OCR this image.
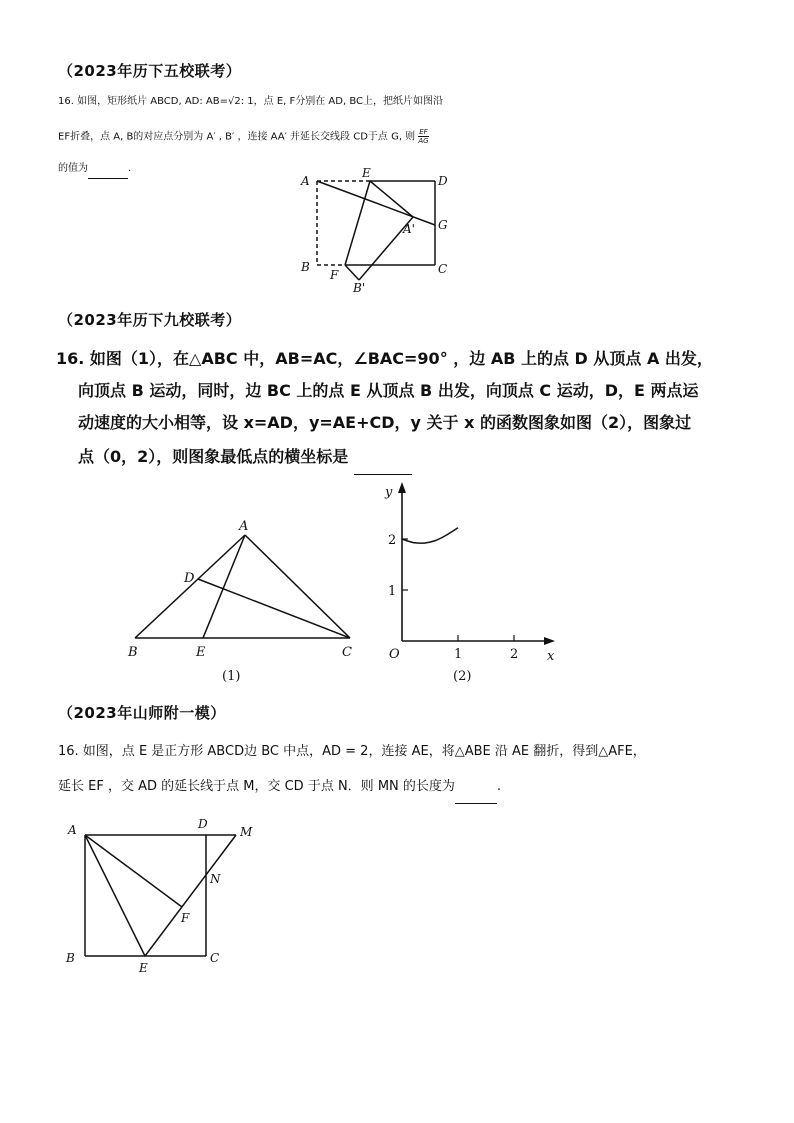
（2023年历下五校联考）
16. 如图，矩形纸片 ABCD, AD: AB=√2: 1，点 E, F分别在 AD, BC上，把纸片如图沿
EF折叠，点 A, B的对应点分别为 A′ , B′ ，连接 AA′ 并延长交线段 CD于点 G, 则 $\frac{EF}{AG}$
的值为	.
A
E
D
G
A'
B
F	C
B'
（2023年历下九校联考）
16. 如图（1），在△ABC 中，AB=AC，∠BAC=90° ，边 AB 上的点 D 从顶点 A 出发，
向顶点 B 运动，同时，边 BC 上的点 E 从顶点 B 出发，向顶点 C 运动，D，E 两点运
动速度的大小相等，设 x=AD，y=AE+CD，y 关于 x 的函数图象如图（2），图象过
点（0，2），则图象最低点的横坐标是
A
D
B	E	C
(1)
y
x
O	1	2
1
2
(2)
（2023年山师附一模）
16. 如图，点 E 是正方形 ABCD边 BC 中点，AD = 2，连接 AE，将△ABE 沿 AE 翻折，得到△AFE，
延长 EF ，交 AD 的延长线于点 M，交 CD 于点 N．则 MN 的长度为	.
A	D
M
N
F
B
E
C
